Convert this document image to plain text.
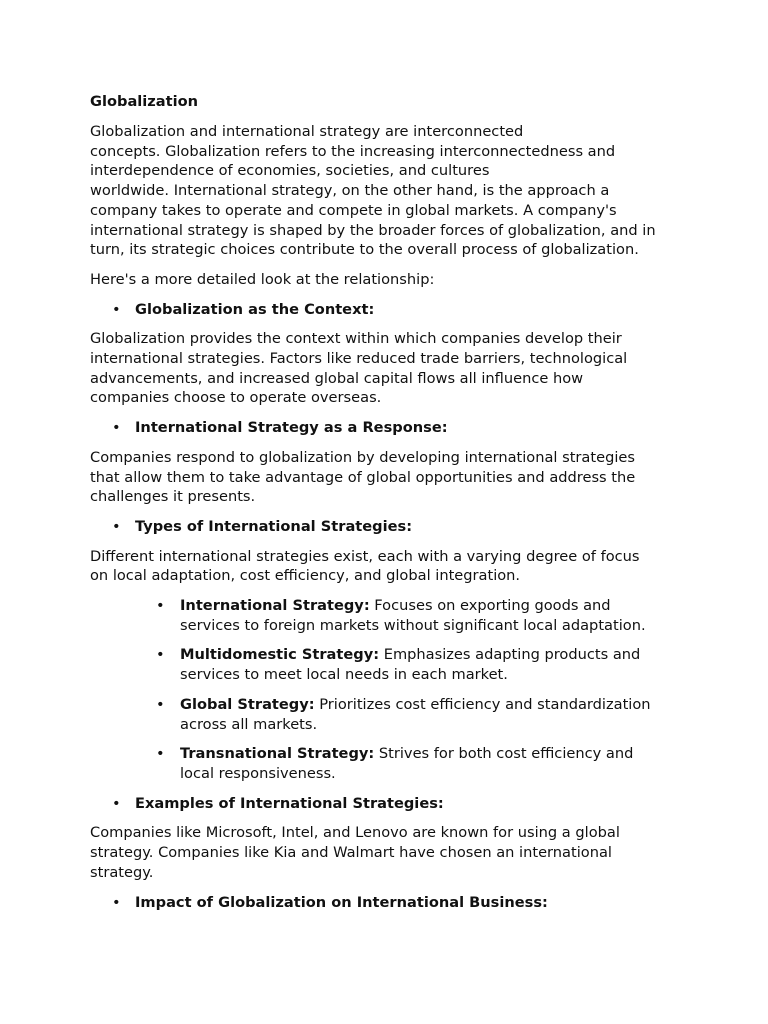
Globalization
Globalization and international strategy are interconnected
concepts. Globalization refers to the increasing interconnectedness and
interdependence of economies, societies, and cultures
worldwide. International strategy, on the other hand, is the approach a
company takes to operate and compete in global markets. A company's
international strategy is shaped by the broader forces of globalization, and in
turn, its strategic choices contribute to the overall process of globalization.
Here's a more detailed look at the relationship:
• Globalization as the Context:
Globalization provides the context within which companies develop their
international strategies. Factors like reduced trade barriers, technological
advancements, and increased global capital flows all influence how
companies choose to operate overseas.
• International Strategy as a Response:
Companies respond to globalization by developing international strategies
that allow them to take advantage of global opportunities and address the
challenges it presents.
• Types of International Strategies:
Different international strategies exist, each with a varying degree of focus
on local adaptation, cost efficiency, and global integration.
• International Strategy: Focuses on exporting goods and
services to foreign markets without significant local adaptation.
• Multidomestic Strategy: Emphasizes adapting products and
services to meet local needs in each market.
• Global Strategy: Prioritizes cost efficiency and standardization
across all markets.
• Transnational Strategy: Strives for both cost efficiency and
local responsiveness.
• Examples of International Strategies:
Companies like Microsoft, Intel, and Lenovo are known for using a global
strategy. Companies like Kia and Walmart have chosen an international
strategy.
• Impact of Globalization on International Business:
